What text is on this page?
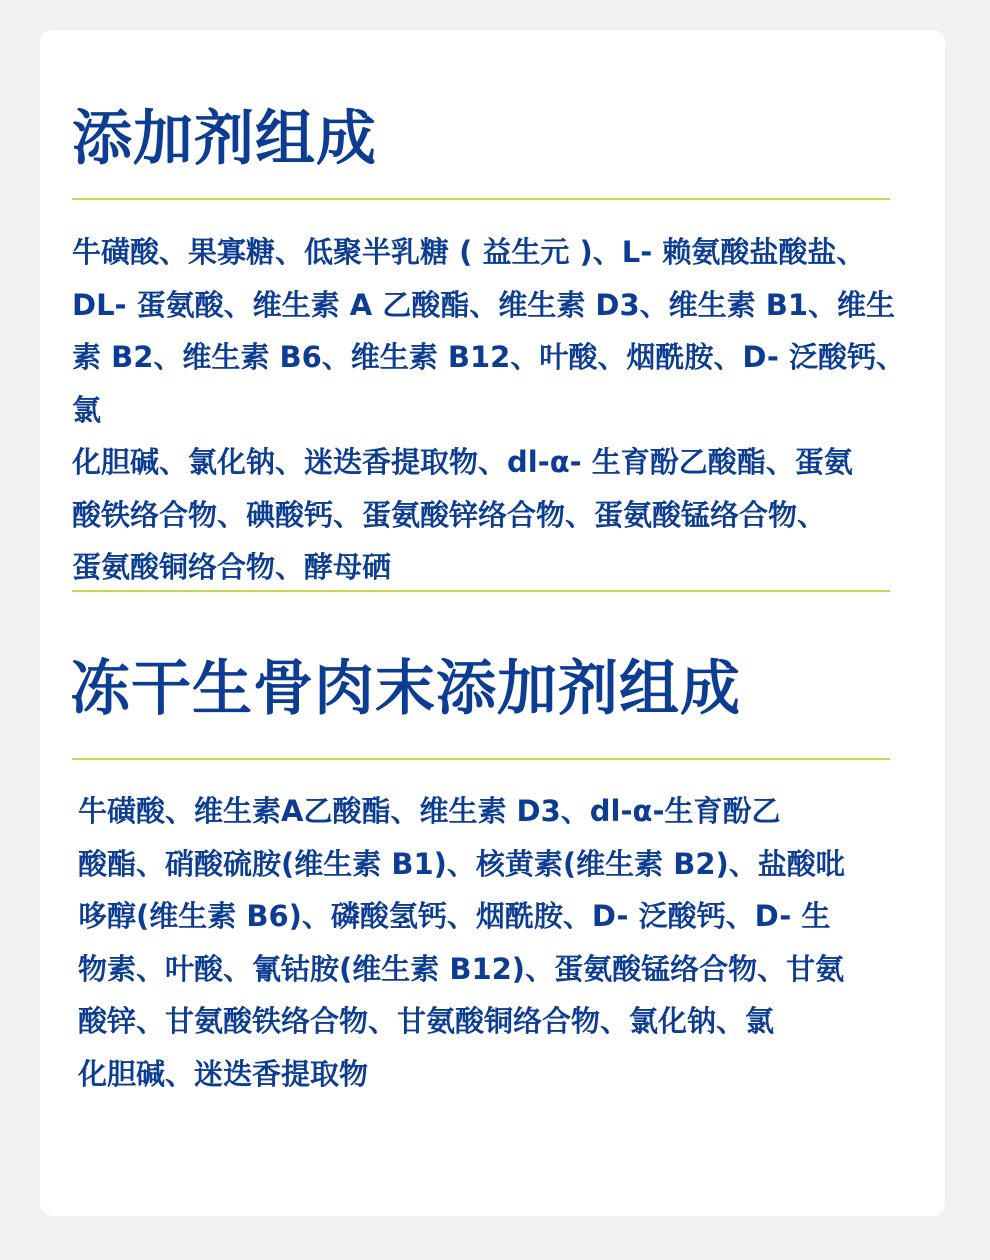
添加剂组成

牛磺酸、果寡糖、低聚半乳糖 ( 益生元 )、L- 赖氨酸盐酸盐、
DL- 蛋氨酸、维生素 A 乙酸酯、维生素 D3、维生素 B1、维生
素 B2、维生素 B6、维生素 B12、叶酸、烟酰胺、D- 泛酸钙、氯
化胆碱、氯化钠、迷迭香提取物、dl-α- 生育酚乙酸酯、蛋氨
酸铁络合物、碘酸钙、蛋氨酸锌络合物、蛋氨酸锰络合物、
蛋氨酸铜络合物、酵母硒

冻干生骨肉末添加剂组成

牛磺酸、维生素A乙酸酯、维生素 D3、dl-α-生育酚乙
酸酯、硝酸硫胺(维生素 B1)、核黄素(维生素 B2)、盐酸吡
哆醇(维生素 B6)、磷酸氢钙、烟酰胺、D- 泛酸钙、D- 生
物素、叶酸、氰钴胺(维生素 B12)、蛋氨酸锰络合物、甘氨
酸锌、甘氨酸铁络合物、甘氨酸铜络合物、氯化钠、氯
化胆碱、迷迭香提取物
